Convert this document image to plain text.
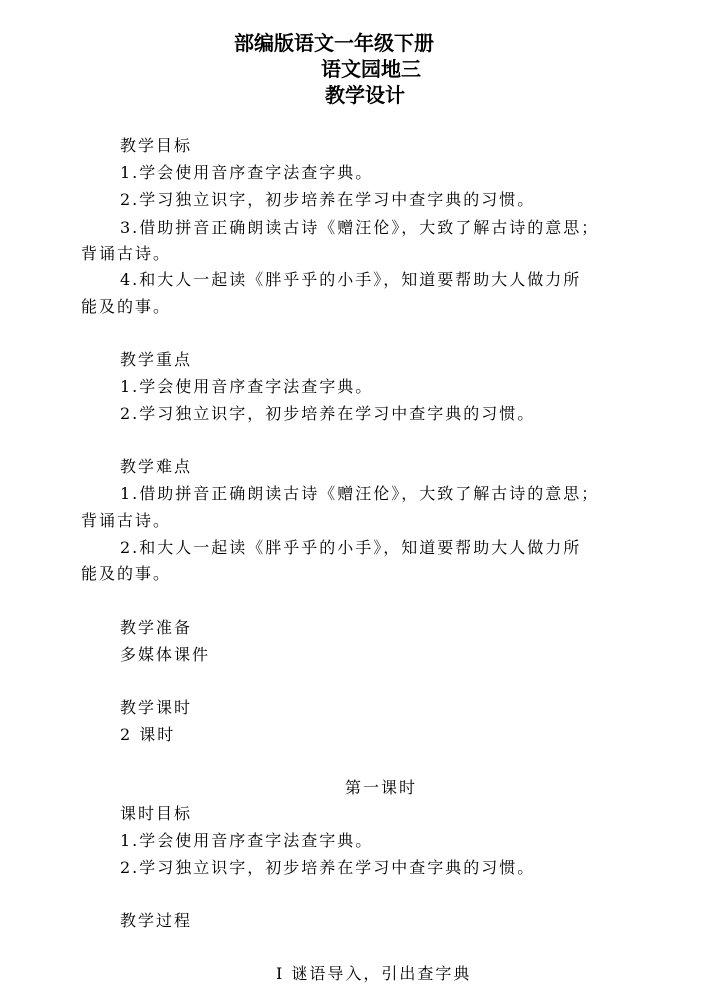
部编版语文一年级下册
语文园地三
教学设计
教学目标
1.学会使用音序查字法查字典。
2.学习独立识字，初步培养在学习中查字典的习惯。
3.借助拼音正确朗读古诗《赠汪伦》，大致了解古诗的意思；
背诵古诗。
4.和大人一起读《胖乎乎的小手》，知道要帮助大人做力所
能及的事。
教学重点
1.学会使用音序查字法查字典。
2.学习独立识字，初步培养在学习中查字典的习惯。
教学难点
1.借助拼音正确朗读古诗《赠汪伦》，大致了解古诗的意思；
背诵古诗。
2.和大人一起读《胖乎乎的小手》，知道要帮助大人做力所
能及的事。
教学准备
多媒体课件
教学课时
2 课时
第一课时
课时目标
1.学会使用音序查字法查字典。
2.学习独立识字，初步培养在学习中查字典的习惯。
教学过程
Ⅰ 谜语导入，引出查字典
